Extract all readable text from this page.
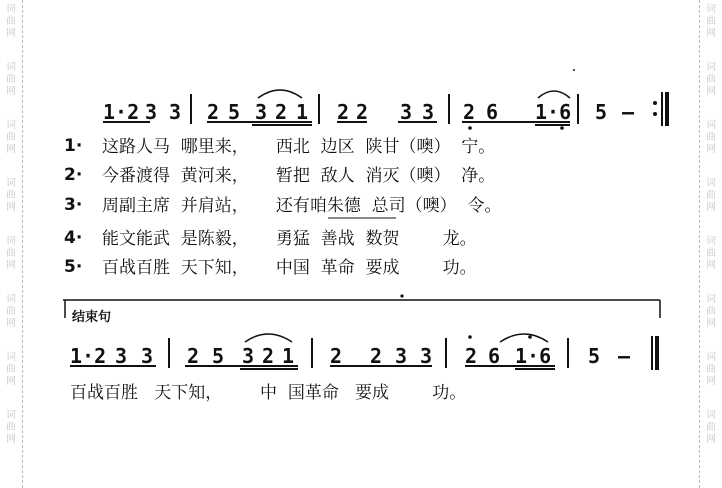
词
曲
网
词
曲
网
词
曲
网
词
曲
网
词
曲
网
词
曲
网
词
曲
网
词
曲
网
词
曲
网
词
曲
网
词
曲
网
词
曲
网
词
曲
网
词
曲
网
词
曲
网
词
曲
网
1·2 3 3 2 5 3 2 1 2 2 3 3 2 6 1·6 5 –
1· 这路人马  哪里来，     西北  边区  陕甘（噢）  宁。
2· 今番渡得  黄河来，     暂把  敌人  消灭（噢）  净。
3· 周副主席  并肩站，     还有咱朱德  总司（噢）  令。
4· 能文能武  是陈毅，     勇猛  善战  数贺        龙。
5· 百战百胜  天下知，     中国  革命  要成        功。
结束句
1·2 3 3 2 5 3 2 1 2 2 3 3 2 6 1·6 5 –
百战百胜   天下知，       中  国革命   要成        功。
